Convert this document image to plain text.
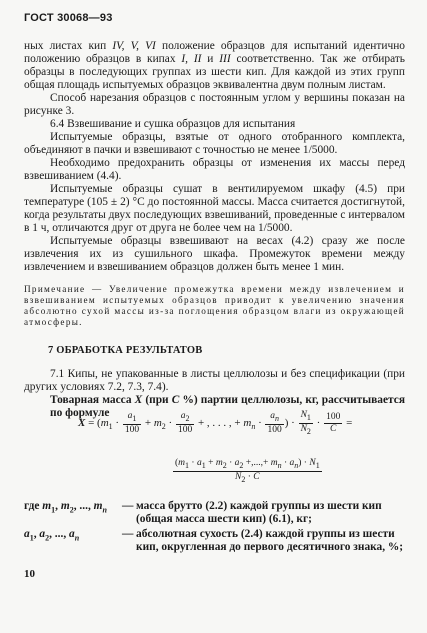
ГОСТ 30068—93

ных листах кип IV, V, VI положение образцов для испытаний идентично положению образцов в кипах I, II и III соответственно. Так же отбирать образцы в последующих группах из шести кип. Для каждой из этих групп общая площадь испытуемых образцов эквивалентна двум полным листам.

Способ нарезания образцов с постоянным углом у вершины показан на рисунке 3.

6.4 Взвешивание и сушка образцов для испытания

Испытуемые образцы, взятые от одного отобранного комплекта, объединяют в пачки и взвешивают с точностью не менее 1/5000.

Необходимо предохранить образцы от изменения их массы перед взвешиванием (4.4).

Испытуемые образцы сушат в вентилируемом шкафу (4.5) при температуре (105 ± 2) °С до постоянной массы. Масса считается достигнутой, когда результаты двух последующих взвешиваний, проведенные с интервалом в 1 ч, отличаются друг от друга не более чем на 1/5000.

Испытуемые образцы взвешивают на весах (4.2) сразу же после извлечения их из сушильного шкафа. Промежуток времени между извлечением и взвешиванием образцов должен быть менее 1 мин.

Примечание — Увеличение промежутка времени между извлечением и взвешиванием испытуемых образцов приводит к увеличению значения абсолютно сухой массы из-за поглощения образцом влаги из окружающей атмосферы.
7 ОБРАБОТКА РЕЗУЛЬТАТОВ

7.1 Кипы, не упакованные в листы целлюлозы и без спецификации (при других условиях 7.2, 7.3, 7.4).

Товарная масса X (при С %) партии целлюлозы, кг, рассчитывается по формуле

$X = (m_1 \cdot \frac{a_1}{100} + m_2 \cdot \frac{a_2}{100}$ + , . . . , + $m_n \cdot \frac{a_n}{100}$ ) · $\frac{N_1}{N_2} \cdot \frac{100}{C}$ =
$\frac{(m_1 \cdot a_1 + m_2 \cdot a_2 +,...,+ m_n \cdot a_n) \cdot N_1}{N_2 \cdot C}$
где $m_1$, $m_2$, ..., $m_n$	— масса брутто (2.2) каждой группы из шести кип (общая масса шести кип) (6.1), кг;
$a_1$, $a_2$, ..., $a_n$	— абсолютная сухость (2.4) каждой группы из шести кип, округленная до первого десятичного знака, %;
10
